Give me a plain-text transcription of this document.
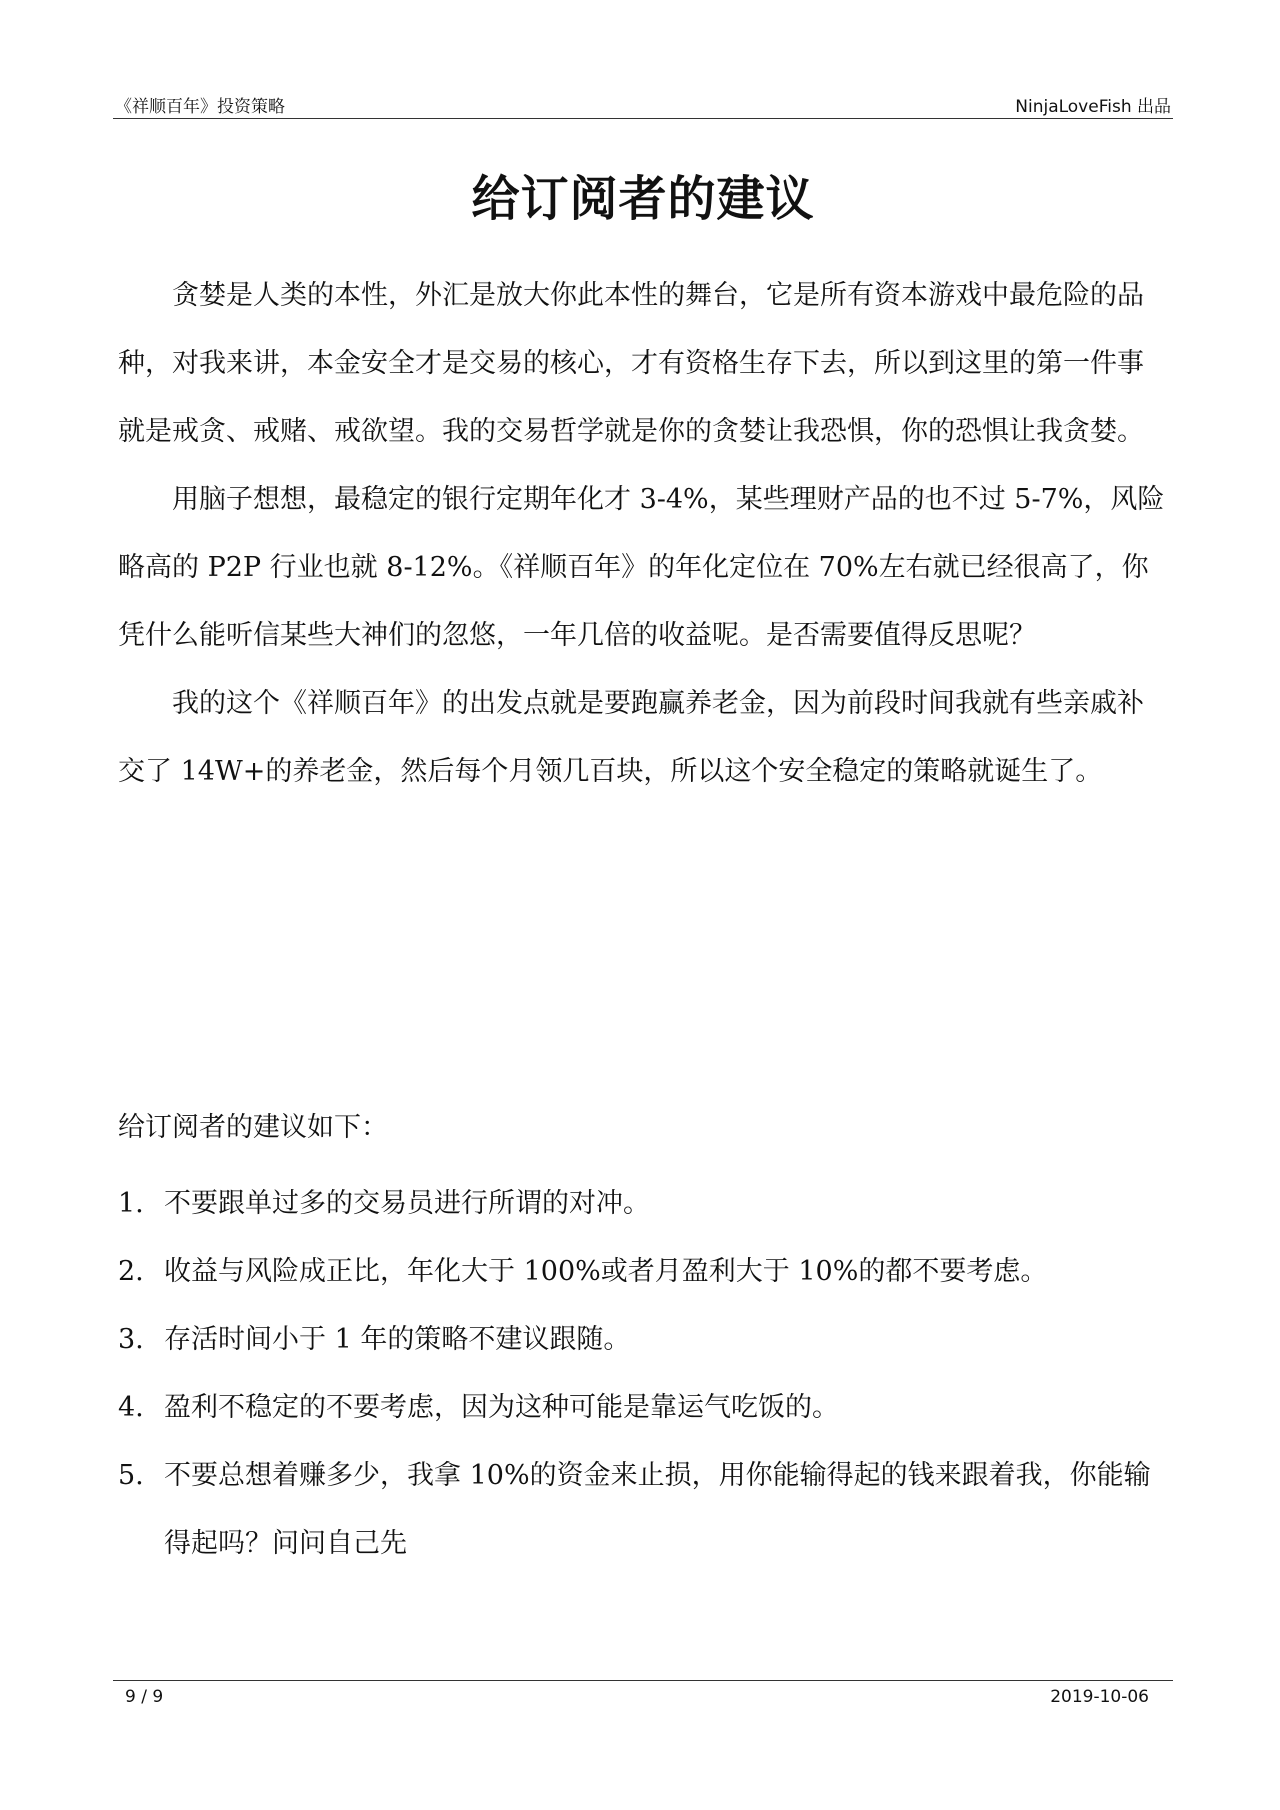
《祥顺百年》投资策略	NinjaLoveFish 出品
给订阅者的建议

贪婪是人类的本性，外汇是放大你此本性的舞台，它是所有资本游戏中最危险的品种，对我来讲，本金安全才是交易的核心，才有资格生存下去，所以到这里的第一件事就是戒贪、戒赌、戒欲望。我的交易哲学就是你的贪婪让我恐惧，你的恐惧让我贪婪。

用脑子想想，最稳定的银行定期年化才 3-4%，某些理财产品的也不过 5-7%，风险略高的 P2P 行业也就 8-12%。《祥顺百年》的年化定位在 70%左右就已经很高了，你凭什么能听信某些大神们的忽悠，一年几倍的收益呢。是否需要值得反思呢？

我的这个《祥顺百年》的出发点就是要跑赢养老金，因为前段时间我就有些亲戚补交了 14W+的养老金，然后每个月领几百块，所以这个安全稳定的策略就诞生了。

给订阅者的建议如下：

1. 不要跟单过多的交易员进行所谓的对冲。
2. 收益与风险成正比，年化大于 100%或者月盈利大于 10%的都不要考虑。
3. 存活时间小于 1 年的策略不建议跟随。
4. 盈利不稳定的不要考虑，因为这种可能是靠运气吃饭的。
5. 不要总想着赚多少，我拿 10%的资金来止损，用你能输得起的钱来跟着我，你能输得起吗？问问自己先
9 / 9	2019-10-06
